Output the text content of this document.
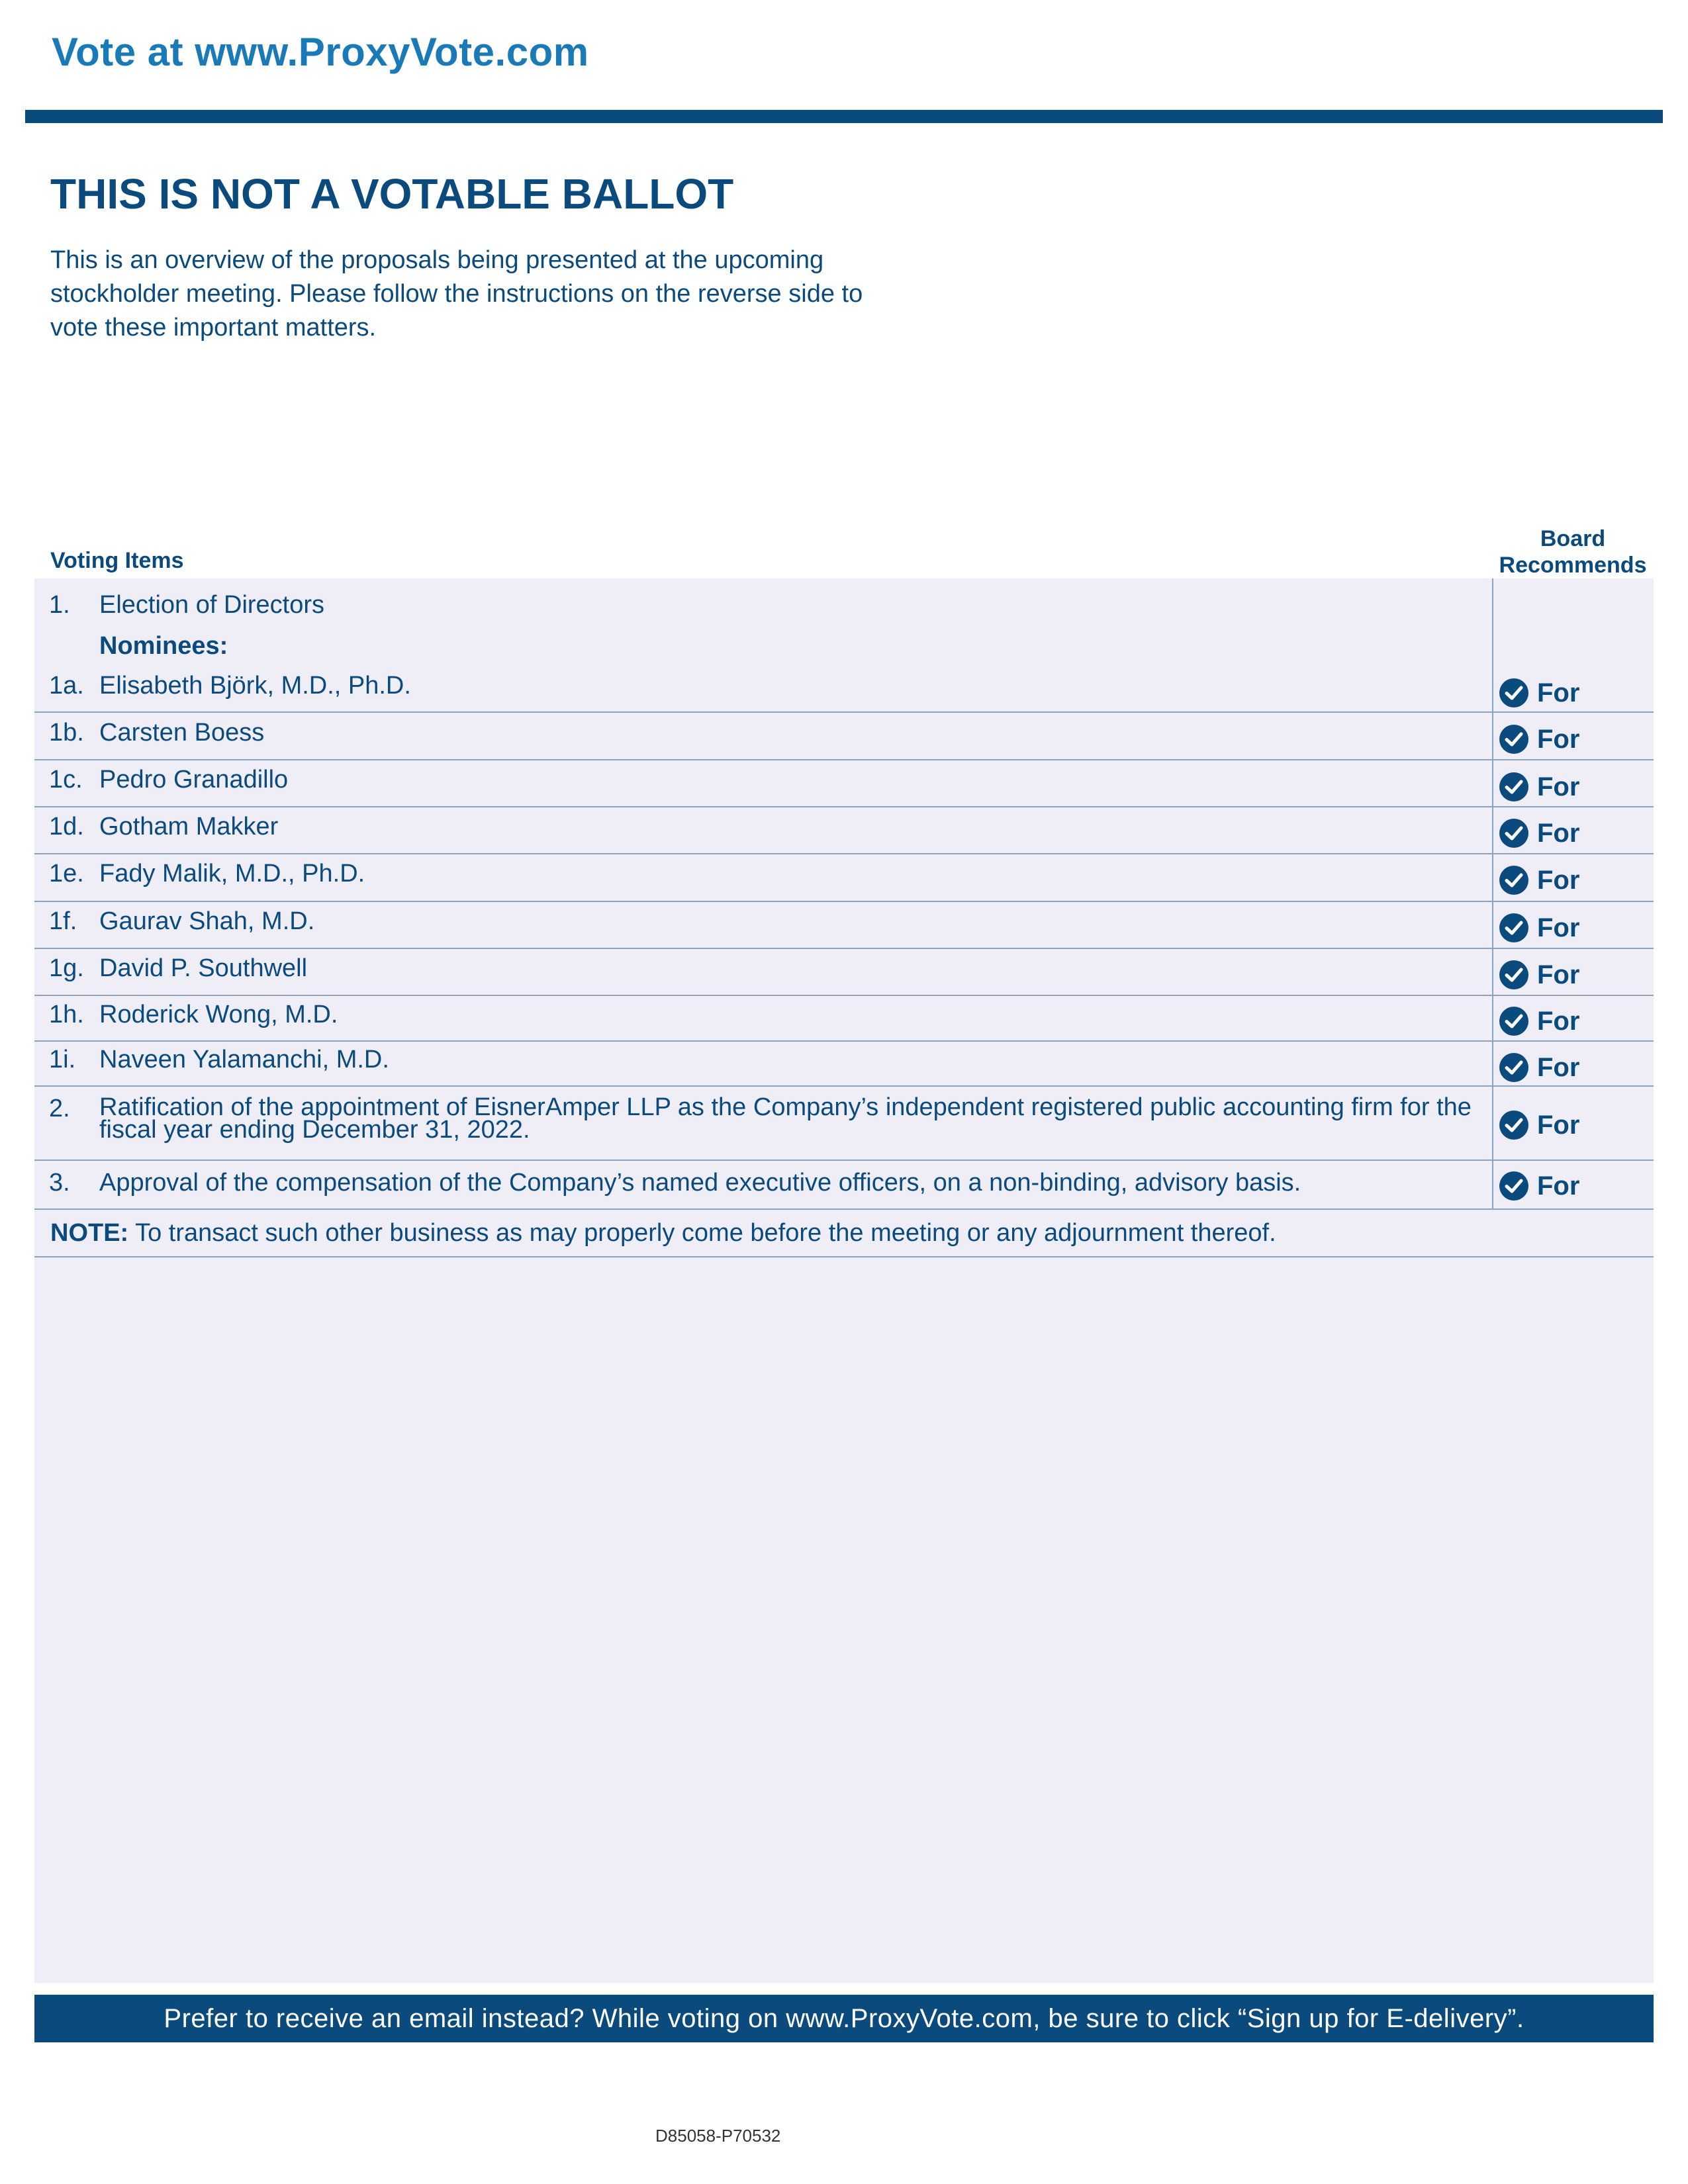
Vote at www.ProxyVote.com
THIS IS NOT A VOTABLE BALLOT
This is an overview of the proposals being presented at the upcoming stockholder meeting. Please follow the instructions on the reverse side to vote these important matters.
Voting Items
Board Recommends
1. Election of Directors
Nominees:
1a. Elisabeth Björk, M.D., Ph.D.	For
1b. Carsten Boess	For
1c. Pedro Granadillo	For
1d. Gotham Makker	For
1e. Fady Malik, M.D., Ph.D.	For
1f. Gaurav Shah, M.D.	For
1g. David P. Southwell	For
1h. Roderick Wong, M.D.	For
1i. Naveen Yalamanchi, M.D.	For
2. Ratification of the appointment of EisnerAmper LLP as the Company’s independent registered public accounting firm for the fiscal year ending December 31, 2022.	For
3. Approval of the compensation of the Company’s named executive officers, on a non-binding, advisory basis.	For
NOTE: To transact such other business as may properly come before the meeting or any adjournment thereof.
Prefer to receive an email instead? While voting on www.ProxyVote.com, be sure to click “Sign up for E-delivery”.
D85058-P70532
